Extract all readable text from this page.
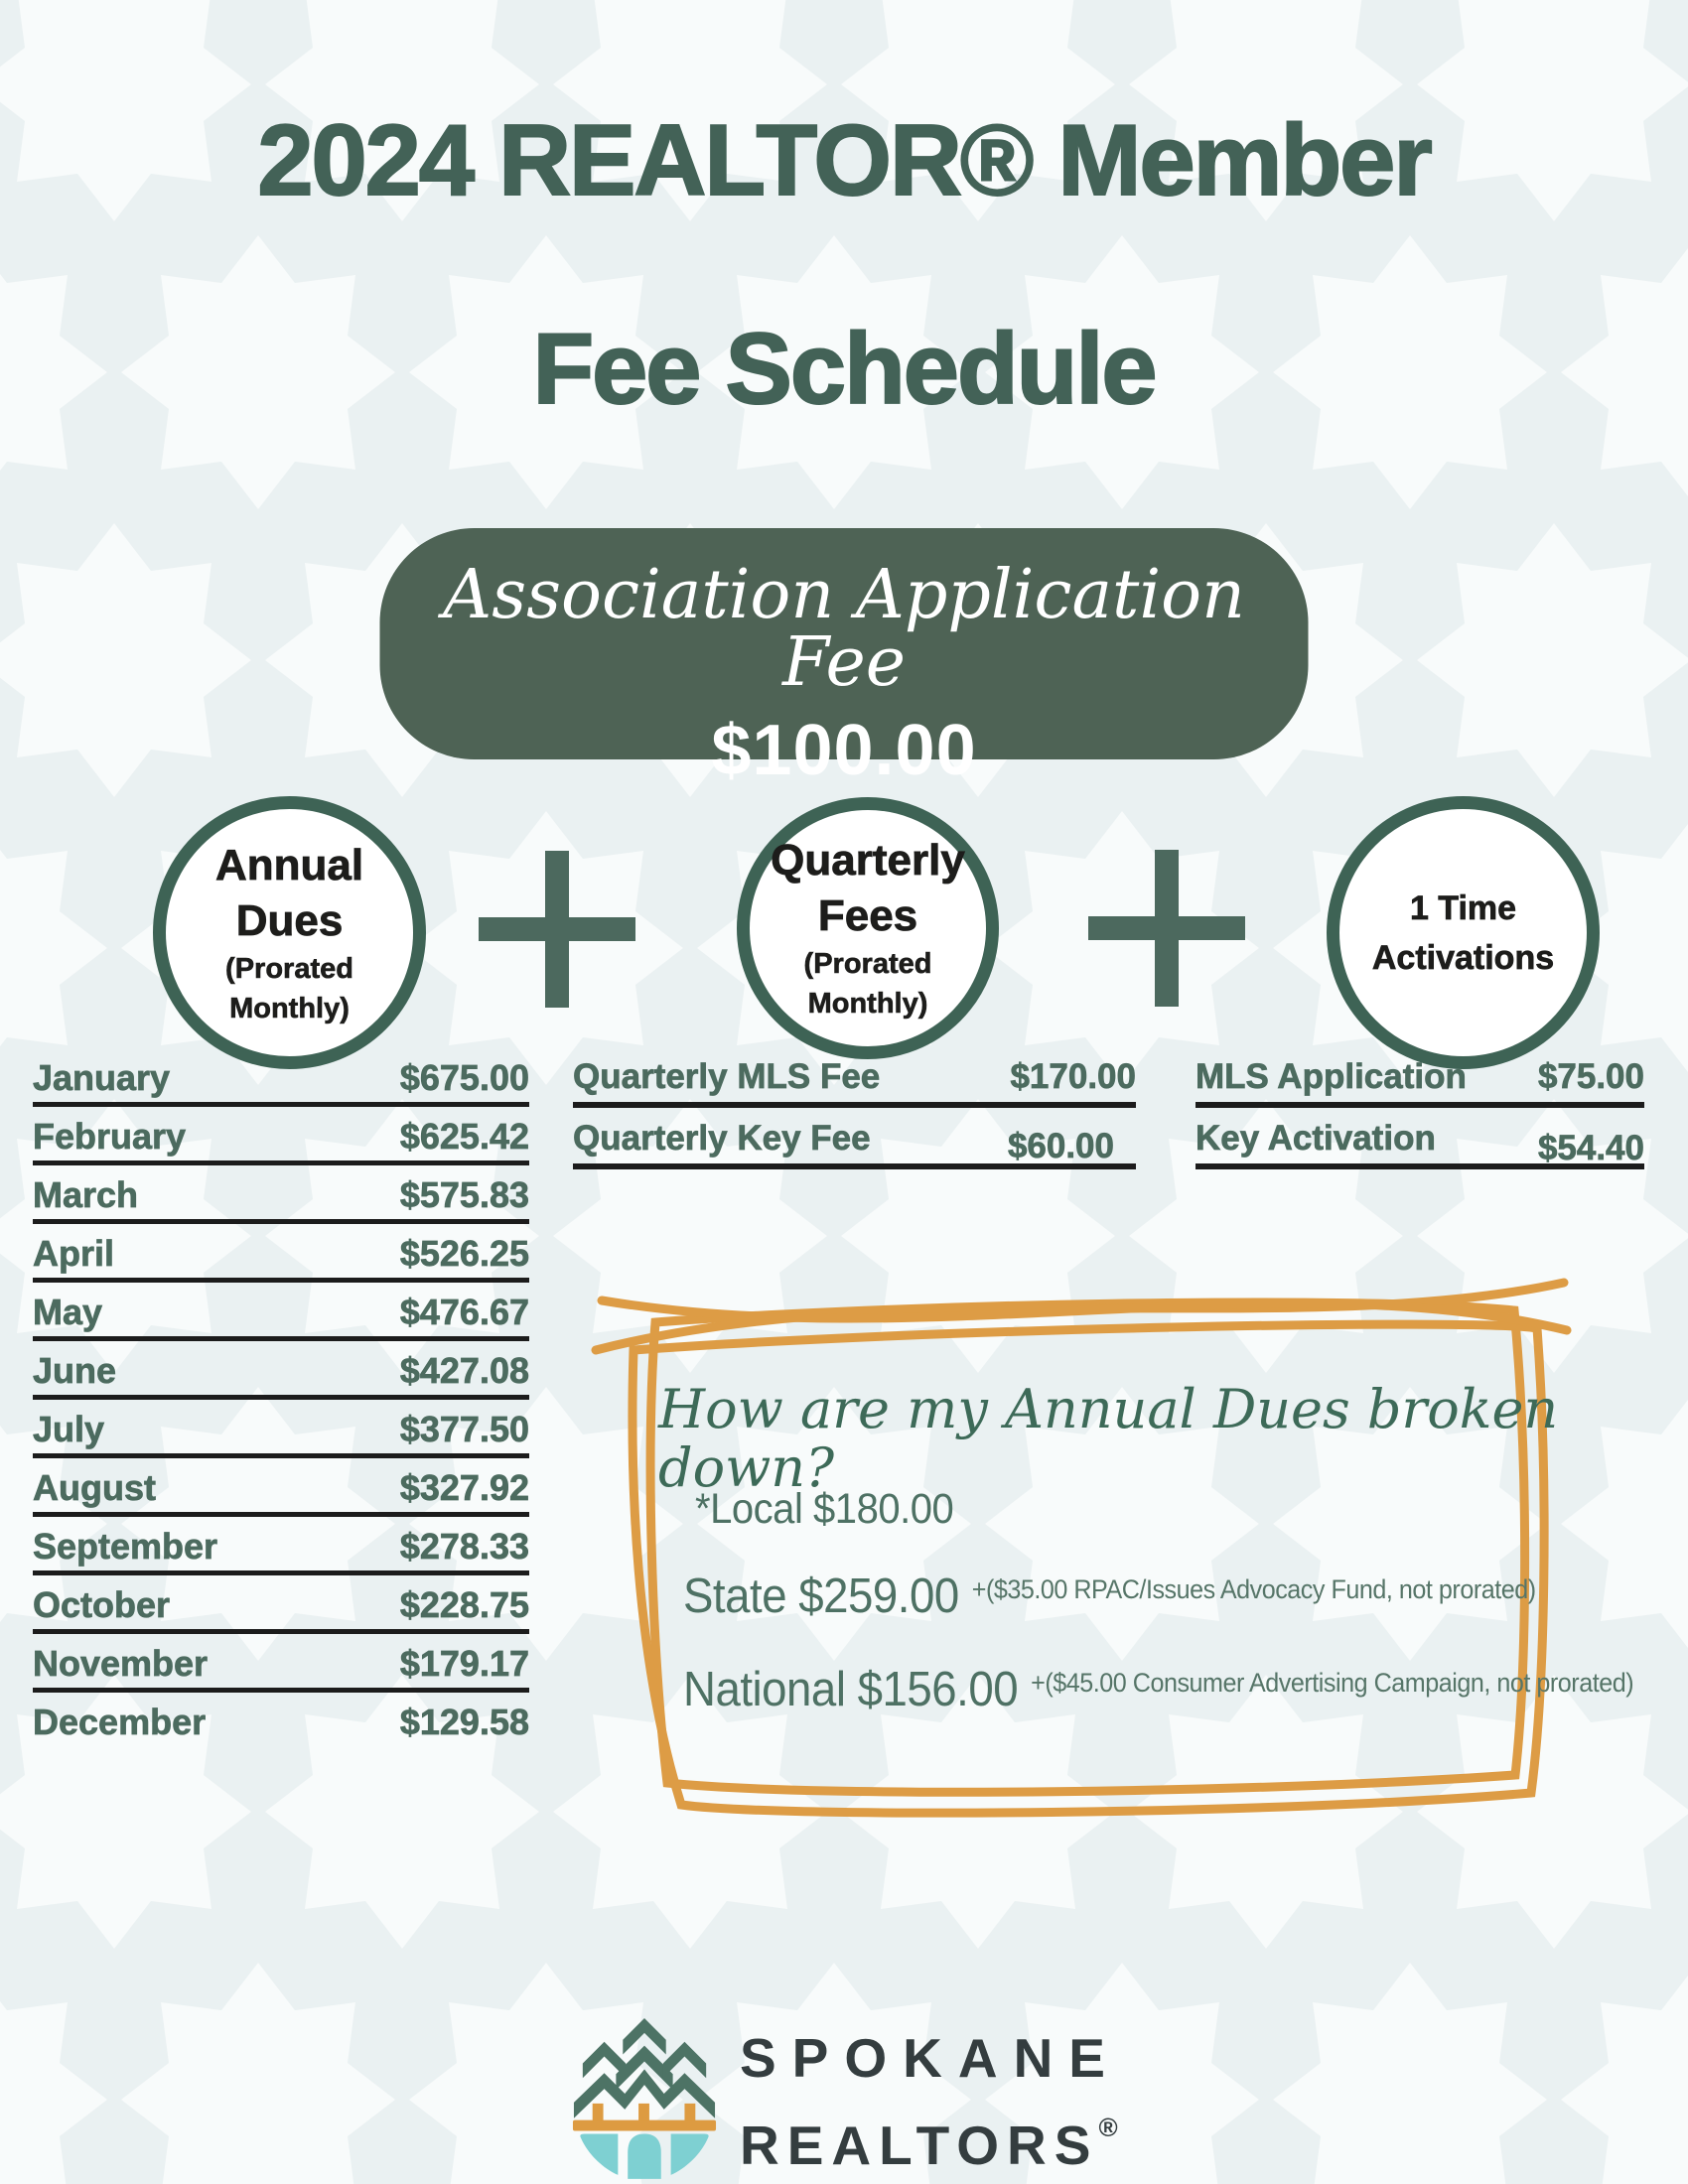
2024 REALTOR® Member
Fee Schedule
Association Application Fee
$100.00
Annual
Dues
(Prorated
Monthly)
Quarterly
Fees
(Prorated
Monthly)
1 Time
Activations
January	$675.00
February	$625.42
March	$575.83
April	$526.25
May	$476.67
June	$427.08
July	$377.50
August	$327.92
September	$278.33
October	$228.75
November	$179.17
December	$129.58
Quarterly MLS Fee	$170.00
Quarterly Key Fee	$60.00
MLS Application $75.00
Key Activation	$54.40
How are my Annual Dues broken down?
*Local $180.00
State $259.00 $^{+(\$35.00 RPAC/Issues Advocacy Fund, not prorated)}$
National $156.00 $^{+(\$45.00 Consumer Advertising Campaign, not prorated)}$
SPOKANE
REALTORS®
